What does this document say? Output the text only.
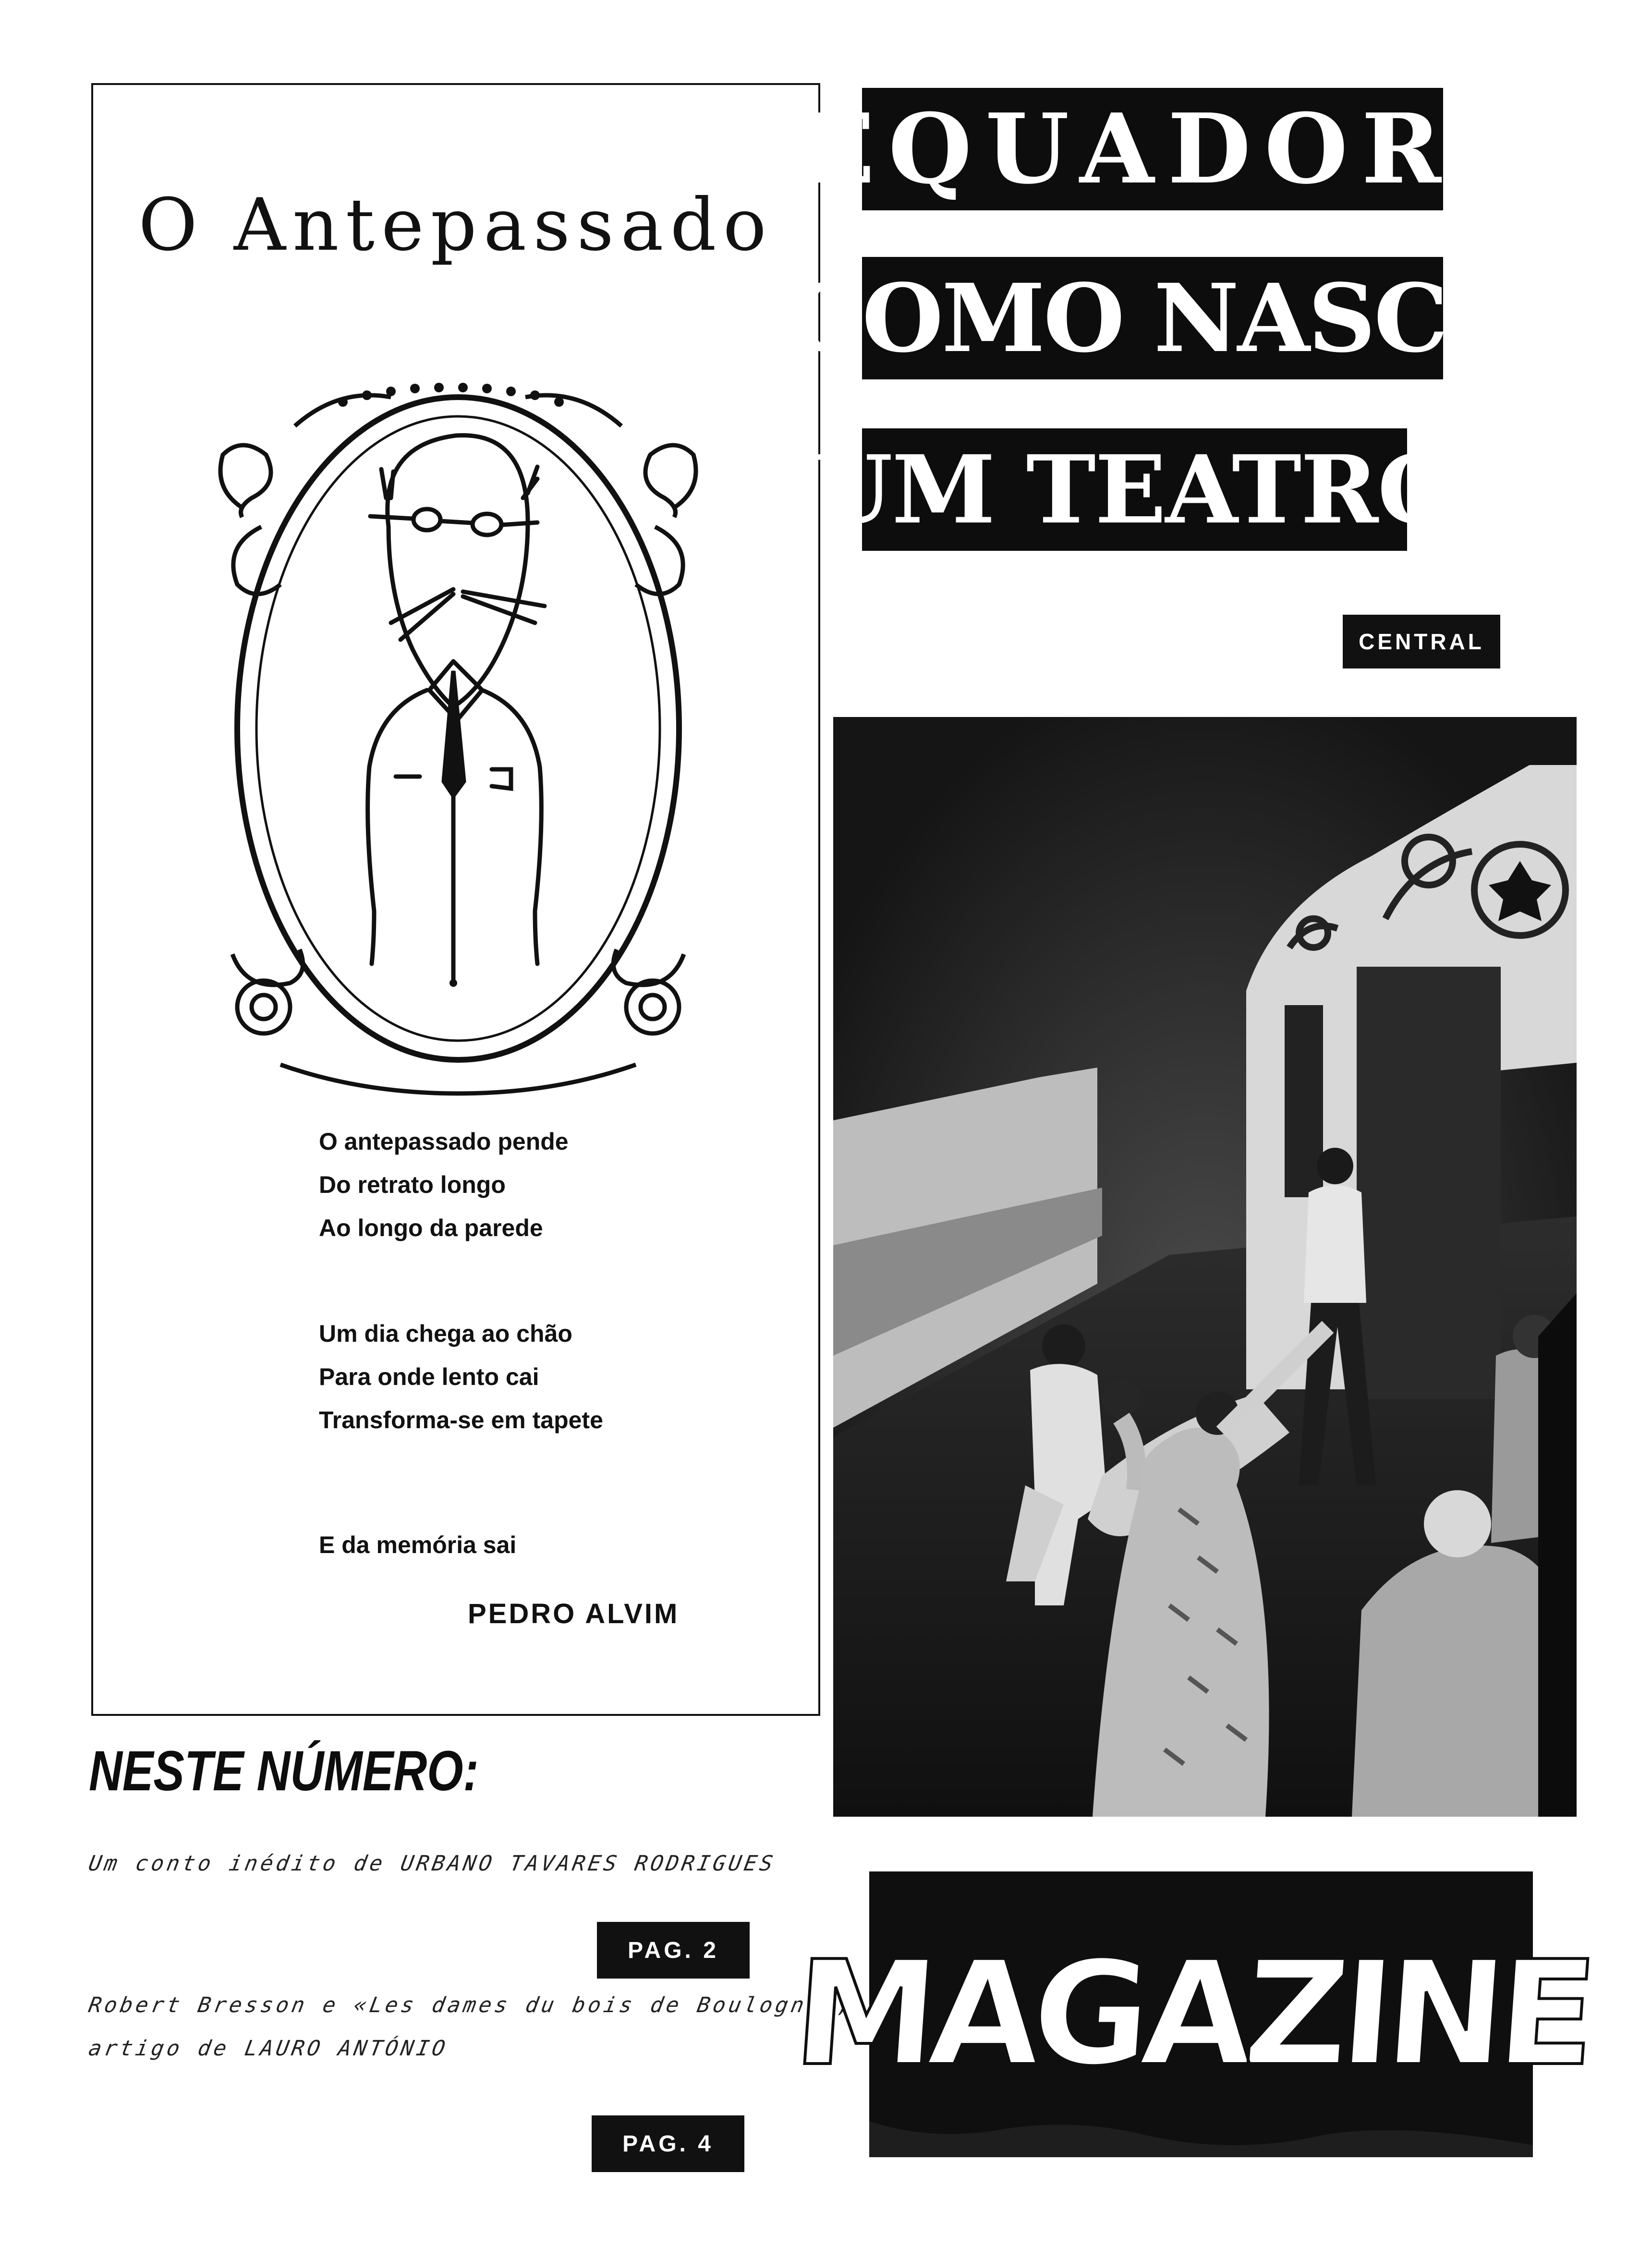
O Antepassado
O antepassado pende
Do retrato longo
Ao longo da parede
Um dia chega ao chão
Para onde lento cai
Transforma-se em tapete
E da memória sai
PEDRO ALVIM
EQUADOR:
COMO NASCE
UM TEATRO
CENTRAL
NESTE NÚMERO:
Um conto inédito de URBANO TAVARES RODRIGUES
PAG. 2
Robert Bresson e «Les dames du bois de Boulogne»,
artigo de LAURO ANTÓNIO
PAG. 4
MAGAZINE
